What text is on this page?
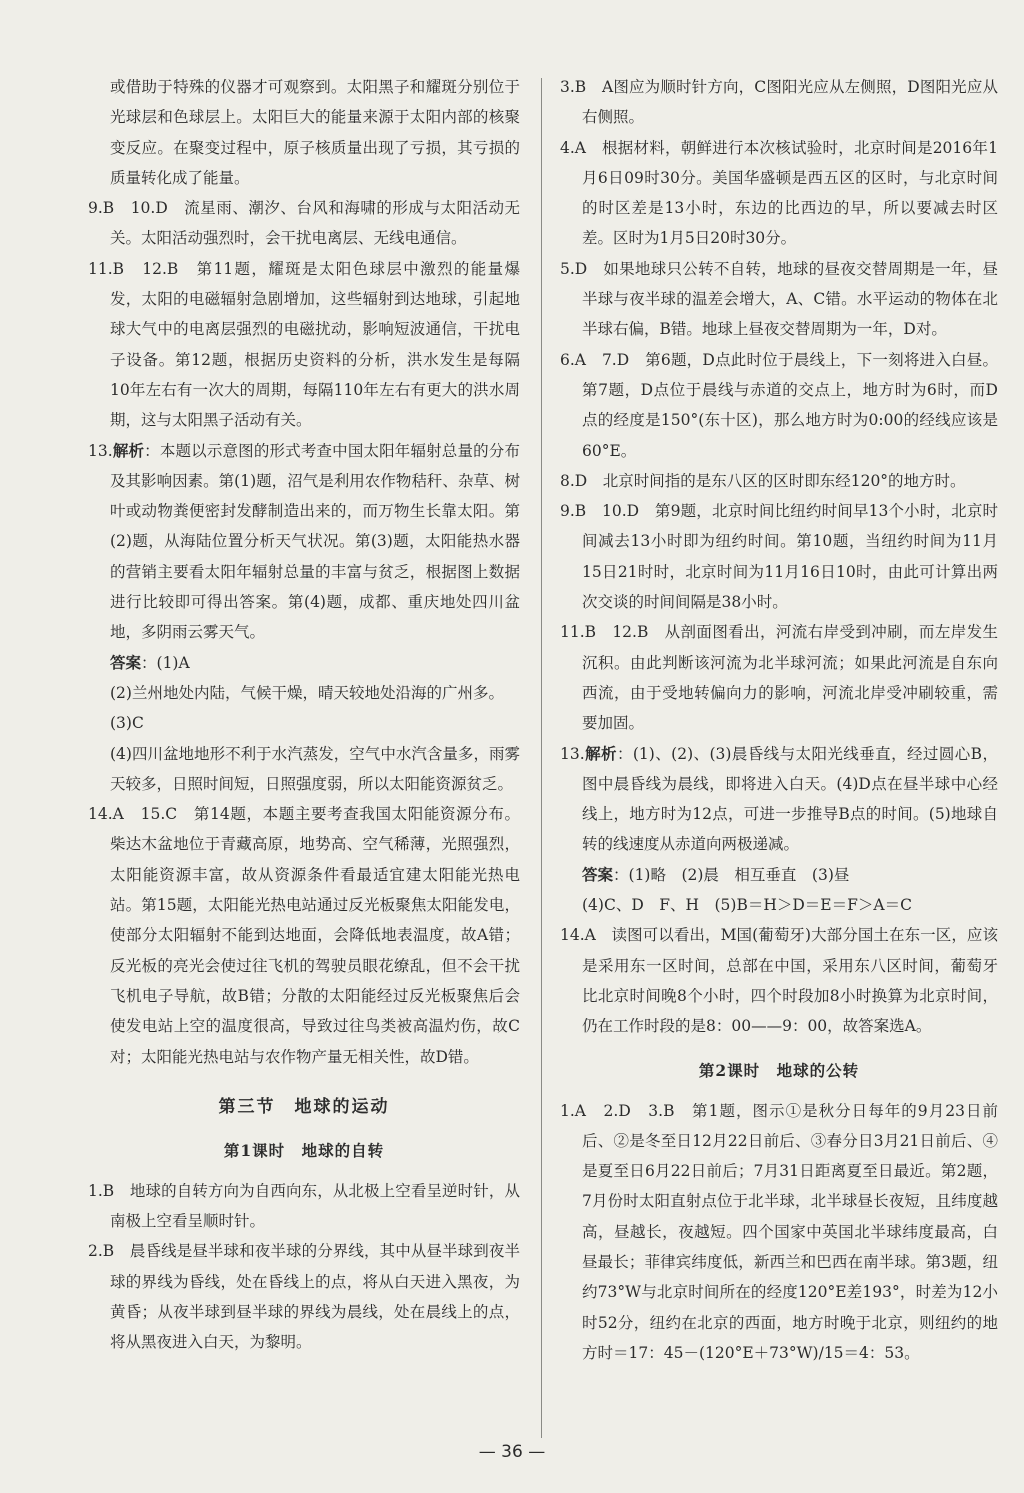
或借助于特殊的仪器才可观察到。太阳黑子和耀斑分别位于光球层和色球层上。太阳巨大的能量来源于太阳内部的核聚变反应。在聚变过程中，原子核质量出现了亏损，其亏损的质量转化成了能量。

9.B　10.D　流星雨、潮汐、台风和海啸的形成与太阳活动无关。太阳活动强烈时，会干扰电离层、无线电通信。

11.B　12.B　第11题，耀斑是太阳色球层中激烈的能量爆发，太阳的电磁辐射急剧增加，这些辐射到达地球，引起地球大气中的电离层强烈的电磁扰动，影响短波通信，干扰电子设备。第12题，根据历史资料的分析，洪水发生是每隔10年左右有一次大的周期，每隔110年左右有更大的洪水周期，这与太阳黑子活动有关。

13.解析：本题以示意图的形式考查中国太阳年辐射总量的分布及其影响因素。第(1)题，沼气是利用农作物秸秆、杂草、树叶或动物粪便密封发酵制造出来的，而万物生长靠太阳。第(2)题，从海陆位置分析天气状况。第(3)题，太阳能热水器的营销主要看太阳年辐射总量的丰富与贫乏，根据图上数据进行比较即可得出答案。第(4)题，成都、重庆地处四川盆地，多阴雨云雾天气。

答案：(1)A

(2)兰州地处内陆，气候干燥，晴天较地处沿海的广州多。

(3)C

(4)四川盆地地形不利于水汽蒸发，空气中水汽含量多，雨雾天较多，日照时间短，日照强度弱，所以太阳能资源贫乏。

14.A　15.C　第14题，本题主要考查我国太阳能资源分布。柴达木盆地位于青藏高原，地势高、空气稀薄，光照强烈，太阳能资源丰富，故从资源条件看最适宜建太阳能光热电站。第15题，太阳能光热电站通过反光板聚焦太阳能发电，使部分太阳辐射不能到达地面，会降低地表温度，故A错；反光板的亮光会使过往飞机的驾驶员眼花缭乱，但不会干扰飞机电子导航，故B错；分散的太阳能经过反光板聚焦后会使发电站上空的温度很高，导致过往鸟类被高温灼伤，故C对；太阳能光热电站与农作物产量无相关性，故D错。

第三节　地球的运动
第1课时　地球的自转

1.B　地球的自转方向为自西向东，从北极上空看呈逆时针，从南极上空看呈顺时针。

2.B　晨昏线是昼半球和夜半球的分界线，其中从昼半球到夜半球的界线为昏线，处在昏线上的点，将从白天进入黑夜，为黄昏；从夜半球到昼半球的界线为晨线，处在晨线上的点，将从黑夜进入白天，为黎明。

3.B　A图应为顺时针方向，C图阳光应从左侧照，D图阳光应从右侧照。

4.A　根据材料，朝鲜进行本次核试验时，北京时间是2016年1月6日09时30分。美国华盛顿是西五区的区时，与北京时间的时区差是13小时，东边的比西边的早，所以要减去时区差。区时为1月5日20时30分。

5.D　如果地球只公转不自转，地球的昼夜交替周期是一年，昼半球与夜半球的温差会增大，A、C错。水平运动的物体在北半球右偏，B错。地球上昼夜交替周期为一年，D对。

6.A　7.D　第6题，D点此时位于晨线上，下一刻将进入白昼。第7题，D点位于晨线与赤道的交点上，地方时为6时，而D点的经度是150°(东十区)，那么地方时为0:00的经线应该是60°E。

8.D　北京时间指的是东八区的区时即东经120°的地方时。

9.B　10.D　第9题，北京时间比纽约时间早13个小时，北京时间减去13小时即为纽约时间。第10题，当纽约时间为11月15日21时时，北京时间为11月16日10时，由此可计算出两次交谈的时间间隔是38小时。

11.B　12.B　从剖面图看出，河流右岸受到冲刷，而左岸发生沉积。由此判断该河流为北半球河流；如果此河流是自东向西流，由于受地转偏向力的影响，河流北岸受冲刷较重，需要加固。

13.解析：(1)、(2)、(3)晨昏线与太阳光线垂直，经过圆心B，图中晨昏线为晨线，即将进入白天。(4)D点在昼半球中心经线上，地方时为12点，可进一步推导B点的时间。(5)地球自转的线速度从赤道向两极递减。

答案：(1)略　(2)晨　相互垂直　(3)昼

(4)C、D　F、H　(5)B＝H＞D＝E＝F＞A＝C

14.A　读图可以看出，M国(葡萄牙)大部分国土在东一区，应该是采用东一区时间，总部在中国，采用东八区时间，葡萄牙比北京时间晚8个小时，四个时段加8小时换算为北京时间，仍在工作时段的是8：00——9：00，故答案选A。

第2课时　地球的公转

1.A　2.D　3.B　第1题，图示①是秋分日每年的9月23日前后、②是冬至日12月22日前后、③春分日3月21日前后、④是夏至日6月22日前后；7月31日距离夏至日最近。第2题，7月份时太阳直射点位于北半球，北半球昼长夜短，且纬度越高，昼越长，夜越短。四个国家中英国北半球纬度最高，白昼最长；菲律宾纬度低，新西兰和巴西在南半球。第3题，纽约73°W与北京时间所在的经度120°E差193°，时差为12小时52分，纽约在北京的西面，地方时晚于北京，则纽约的地方时＝17：45－(120°E＋73°W)/15＝4：53。

— 36 —
